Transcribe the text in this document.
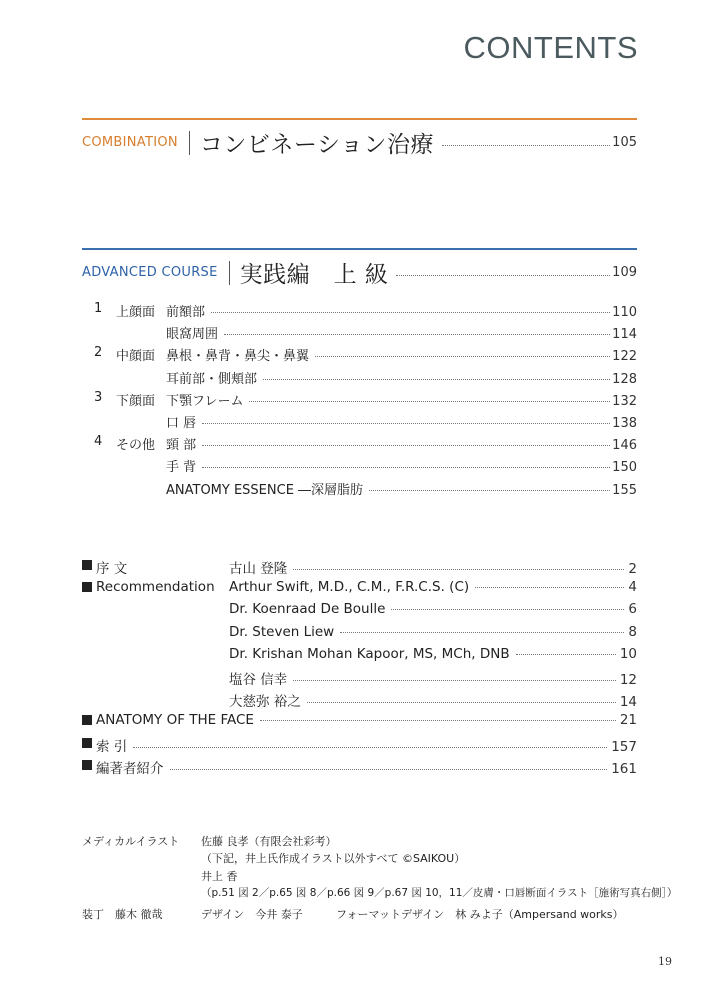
CONTENTS
COMBINATION コンビネーション治療	105
ADVANCED COURSE 実践編　上 級	109
1 上顔面 前額部	110
眼窩周囲	114
2 中顔面 鼻根・鼻背・鼻尖・鼻翼	122
耳前部・側頬部	128
3 下顔面 下顎フレーム	132
口 唇	138
4 その他 頸 部	146
手 背	150
ANATOMY ESSENCE ―深層脂肪	155
序 文	古山 登隆	2
Recommendation Arthur Swift, M.D., C.M., F.R.C.S. (C)	4
Dr. Koenraad De Boulle	6
Dr. Steven Liew	8
Dr. Krishan Mohan Kapoor, MS, MCh, DNB	10
塩谷 信幸	12
大慈弥 裕之	14
ANATOMY OF THE FACE	21
索 引	157
編著者紹介	161
メディカルイラスト 佐藤 良孝（有限会社彩考）
（下記，井上氏作成イラスト以外すべて ©SAIKOU）
井上 香
（p.51 図 2／p.65 図 8／p.66 図 9／p.67 図 10，11／皮膚・口唇断面イラスト［施術写真右側］）
装丁　藤木 徹哉	デザイン　今井 泰子	フォーマットデザイン　林 みよ子（Ampersand works）
19
